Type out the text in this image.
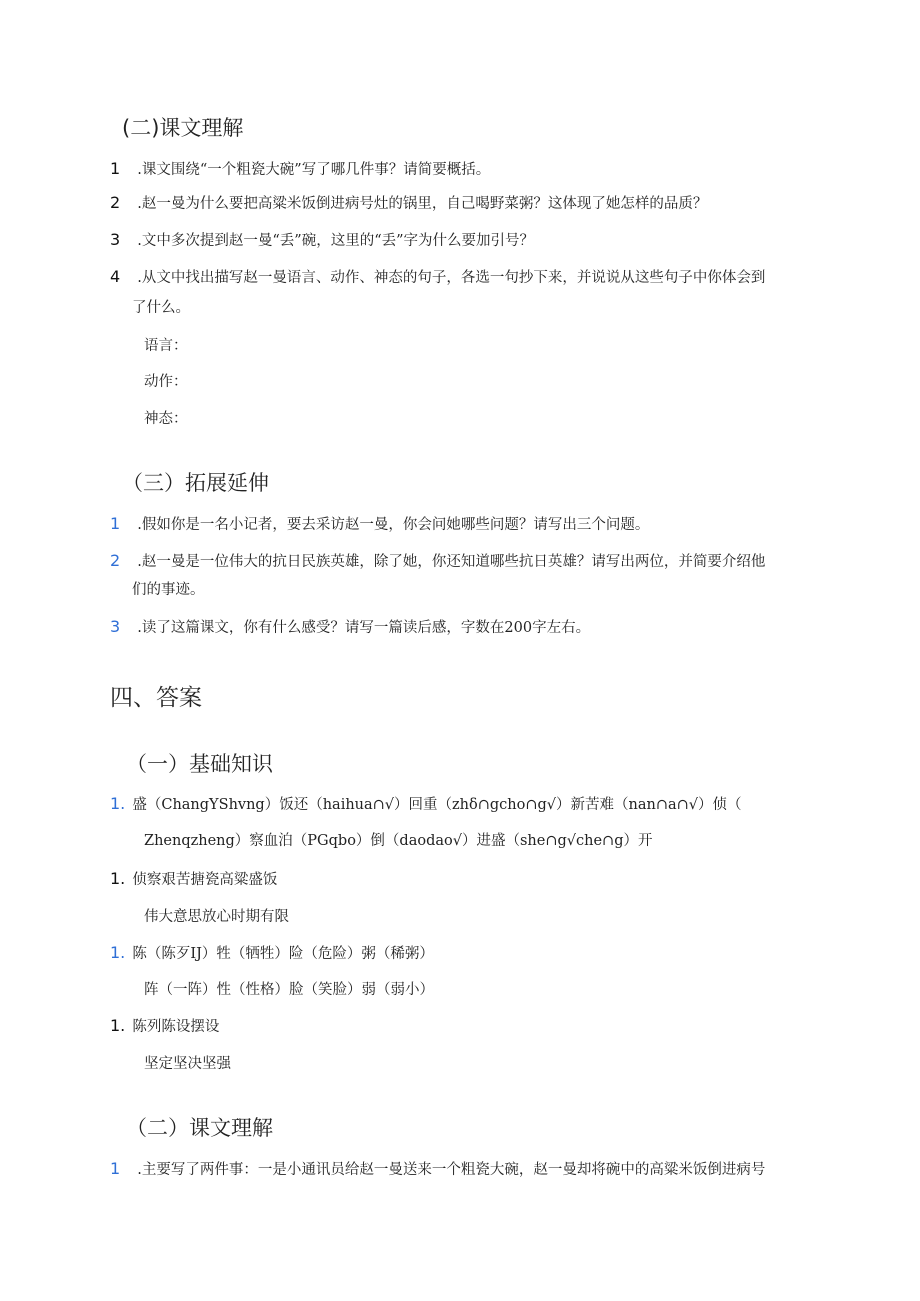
(二)课文理解
1 .课文围绕“一个粗瓷大碗”写了哪几件事？请简要概括。
2 .赵一曼为什么要把高粱米饭倒进病号灶的锅里，自己喝野菜粥？这体现了她怎样的品质？
3 .文中多次提到赵一曼“丢”碗，这里的“丢”字为什么要加引号？
4 .从文中找出描写赵一曼语言、动作、神态的句子，各选一句抄下来，并说说从这些句子中你体会到
了什么。
语言：
动作：
神态：
（三）拓展延伸
1 .假如你是一名小记者，要去采访赵一曼，你会问她哪些问题？请写出三个问题。
2 .赵一曼是一位伟大的抗日民族英雄，除了她，你还知道哪些抗日英雄？请写出两位，并简要介绍他
们的事迹。
3 .读了这篇课文，你有什么感受？请写一篇读后感，字数在200字左右。
四、答案
（一）基础知识
1. 盛（ChangYShvng）饭还（haihua∩√）回重（zhδ∩gcho∩g√）新苦难（nan∩a∩√）侦（
Zhenqzheng）察血泊（PGqbo）倒（daodao√）进盛（she∩g√che∩g）开
1. 侦察艰苦搪瓷高粱盛饭
伟大意思放心时期有限
1. 陈（陈歹IJ）牲（牺牲）险（危险）粥（稀粥）
阵（一阵）性（性格）脸（笑脸）弱（弱小）
1. 陈列陈设摆设
坚定坚决坚强
（二）课文理解
1 .主要写了两件事：一是小通讯员给赵一曼送来一个粗瓷大碗，赵一曼却将碗中的高粱米饭倒进病号
